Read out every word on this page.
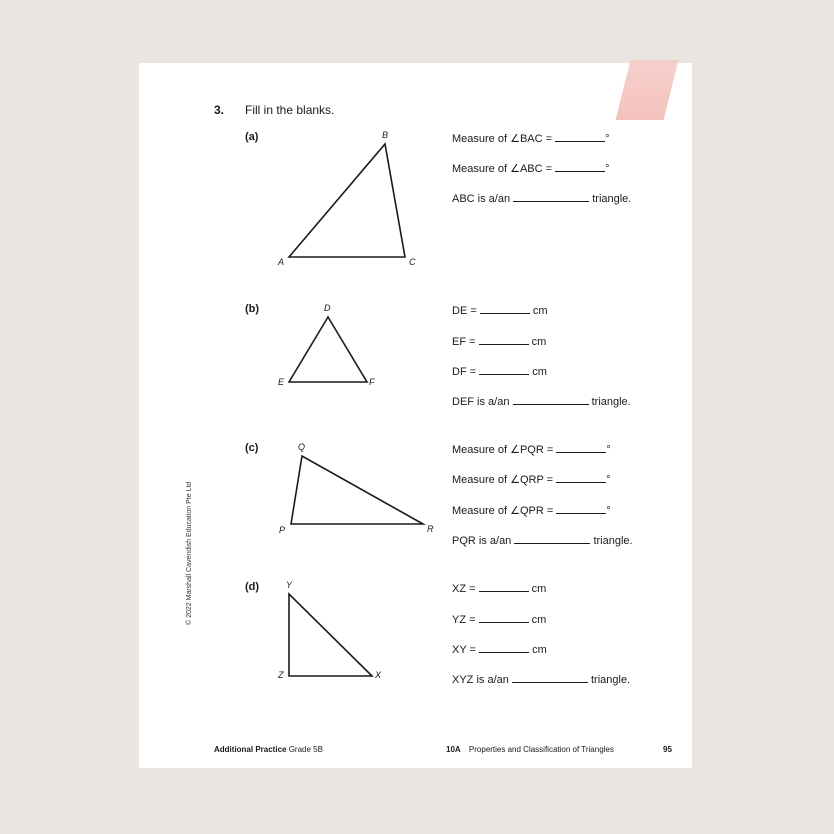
3. Fill in the blanks.
(a)
(b)
(c)
(d)
A
B
C
D
E	F
Q
P	R
Y
Z	X
Measure of ∠BAC =	°
Measure of ∠ABC =	°
ABC is a/an	triangle.
DE =	cm
EF =	cm
DF =	cm
DEF is a/an	triangle.
Measure of ∠PQR =	°
Measure of ∠QRP =	°
Measure of ∠QPR =	°
PQR is a/an	triangle.
XZ =	cm
YZ =	cm
XY =	cm
XYZ is a/an	triangle.
© 2022 Marshall Cavendish Education Pte Ltd
Additional Practice Grade 5B	10A Properties and Classification of Triangles	95
